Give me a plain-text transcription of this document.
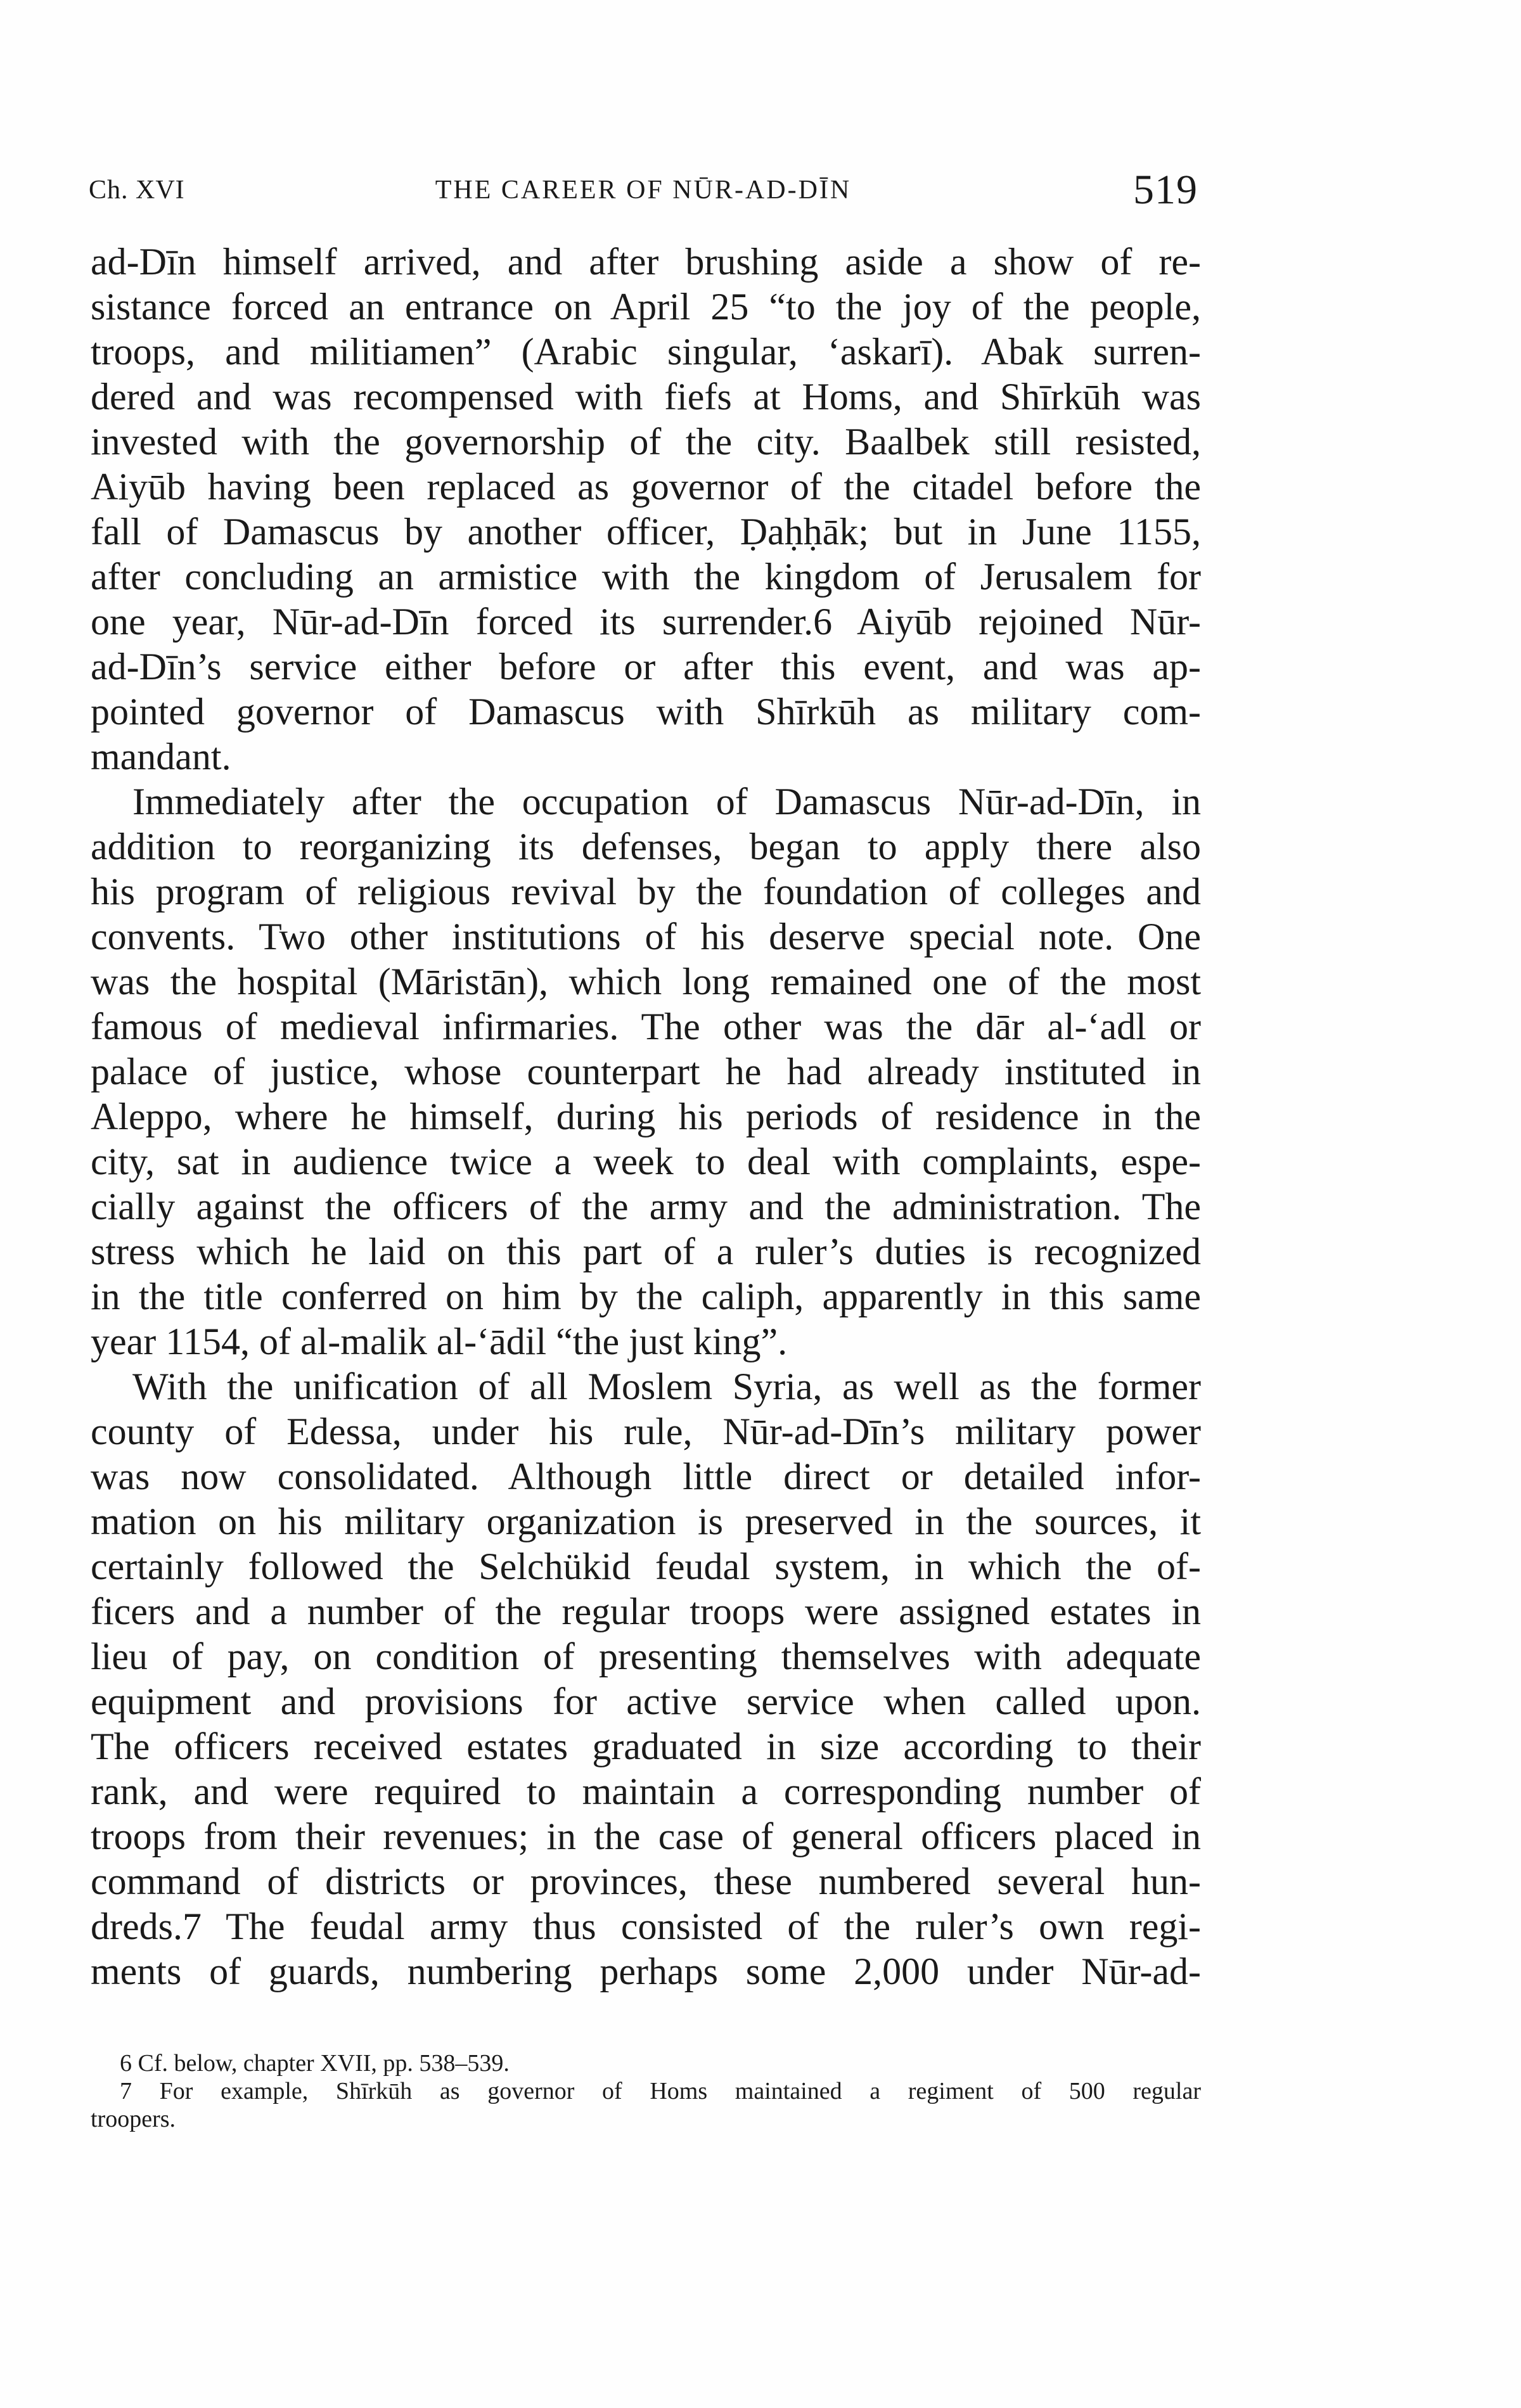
Ch. XVI	THE CAREER OF NŪR-AD-DĪN	519
ad-Dīn himself arrived, and after brushing aside a show of re-
sistance forced an entrance on April 25 “to the joy of the people,
troops, and militiamen” (Arabic singular, ‘askarī). Abak surren-
dered and was recompensed with fiefs at Homs, and Shīrkūh was
invested with the governorship of the city. Baalbek still resisted,
Aiyūb having been replaced as governor of the citadel before the
fall of Damascus by another officer, Ḍaḥḥāk; but in June 1155,
after concluding an armistice with the kingdom of Jerusalem for
one year, Nūr-ad-Dīn forced its surrender.6 Aiyūb rejoined Nūr-
ad-Dīn’s service either before or after this event, and was ap-
pointed governor of Damascus with Shīrkūh as military com-
mandant.
Immediately after the occupation of Damascus Nūr-ad-Dīn, in
addition to reorganizing its defenses, began to apply there also
his program of religious revival by the foundation of colleges and
convents. Two other institutions of his deserve special note. One
was the hospital (Māristān), which long remained one of the most
famous of medieval infirmaries. The other was the dār al-‘adl or
palace of justice, whose counterpart he had already instituted in
Aleppo, where he himself, during his periods of residence in the
city, sat in audience twice a week to deal with complaints, espe-
cially against the officers of the army and the administration. The
stress which he laid on this part of a ruler’s duties is recognized
in the title conferred on him by the caliph, apparently in this same
year 1154, of al-malik al-‘ādil “the just king”.
With the unification of all Moslem Syria, as well as the former
county of Edessa, under his rule, Nūr-ad-Dīn’s military power
was now consolidated. Although little direct or detailed infor-
mation on his military organization is preserved in the sources, it
certainly followed the Selchükid feudal system, in which the of-
ficers and a number of the regular troops were assigned estates in
lieu of pay, on condition of presenting themselves with adequate
equipment and provisions for active service when called upon.
The officers received estates graduated in size according to their
rank, and were required to maintain a corresponding number of
troops from their revenues; in the case of general officers placed in
command of districts or provinces, these numbered several hun-
dreds.7 The feudal army thus consisted of the ruler’s own regi-
ments of guards, numbering perhaps some 2,000 under Nūr-ad-
6 Cf. below, chapter XVII, pp. 538–539.
7 For example, Shīrkūh as governor of Homs maintained a regiment of 500 regular
troopers.
